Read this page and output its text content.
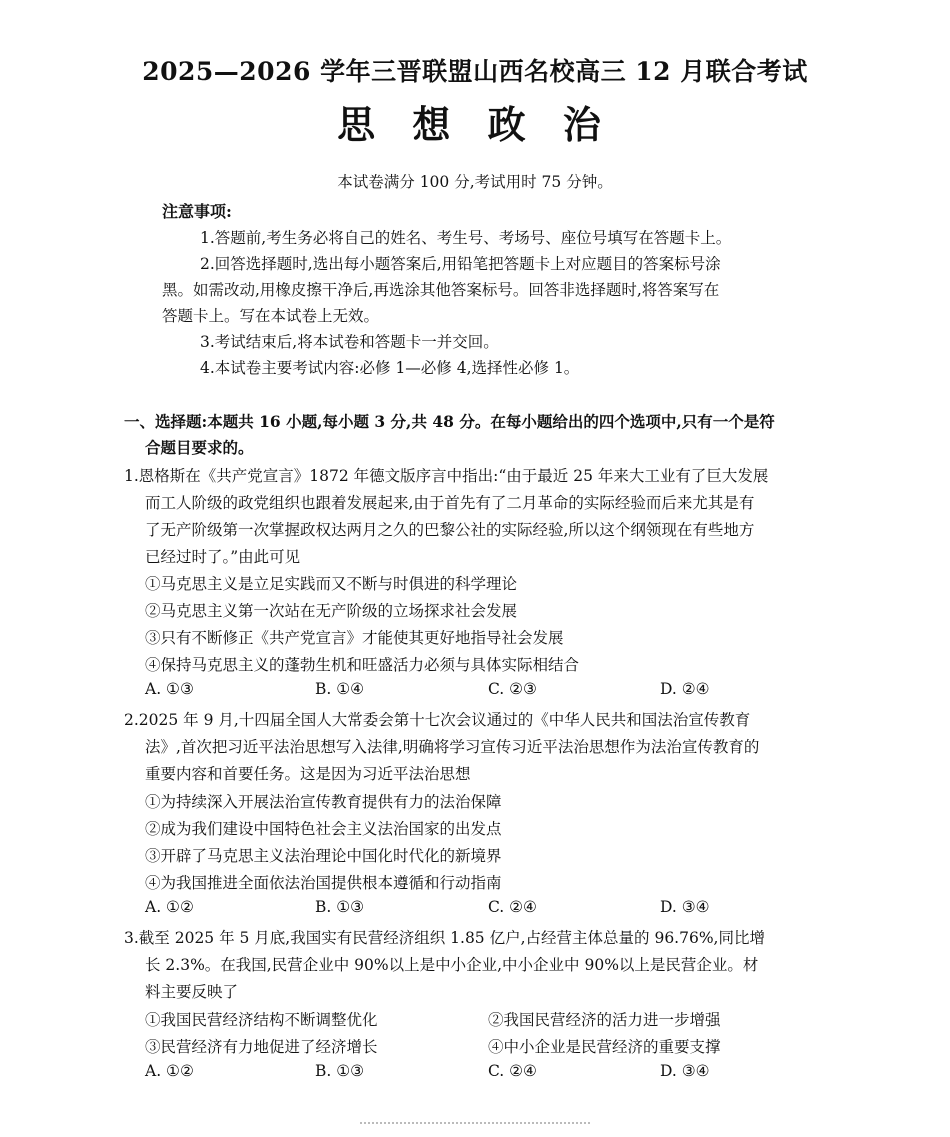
2025—2026 学年三晋联盟山西名校高三 12 月联合考试
思 想 政 治
本试卷满分 100 分,考试用时 75 分钟。
注意事项:
1.答题前,考生务必将自己的姓名、考生号、考场号、座位号填写在答题卡上。
2.回答选择题时,选出每小题答案后,用铅笔把答题卡上对应题目的答案标号涂
黑。如需改动,用橡皮擦干净后,再选涂其他答案标号。回答非选择题时,将答案写在
答题卡上。写在本试卷上无效。
3.考试结束后,将本试卷和答题卡一并交回。
4.本试卷主要考试内容:必修 1—必修 4,选择性必修 1。
一、选择题:本题共 16 小题,每小题 3 分,共 48 分。在每小题给出的四个选项中,只有一个是符
合题目要求的。
1.恩格斯在《共产党宣言》1872 年德文版序言中指出:“由于最近 25 年来大工业有了巨大发展
而工人阶级的政党组织也跟着发展起来,由于首先有了二月革命的实际经验而后来尤其是有
了无产阶级第一次掌握政权达两月之久的巴黎公社的实际经验,所以这个纲领现在有些地方
已经过时了。”由此可见
①马克思主义是立足实践而又不断与时俱进的科学理论
②马克思主义第一次站在无产阶级的立场探求社会发展
③只有不断修正《共产党宣言》才能使其更好地指导社会发展
④保持马克思主义的蓬勃生机和旺盛活力必须与具体实际相结合
A. ①③	B. ①④	C. ②③	D. ②④
2.2025 年 9 月,十四届全国人大常委会第十七次会议通过的《中华人民共和国法治宣传教育
法》,首次把习近平法治思想写入法律,明确将学习宣传习近平法治思想作为法治宣传教育的
重要内容和首要任务。这是因为习近平法治思想
①为持续深入开展法治宣传教育提供有力的法治保障
②成为我们建设中国特色社会主义法治国家的出发点
③开辟了马克思主义法治理论中国化时代化的新境界
④为我国推进全面依法治国提供根本遵循和行动指南
A. ①②	B. ①③	C. ②④	D. ③④
3.截至 2025 年 5 月底,我国实有民营经济组织 1.85 亿户,占经营主体总量的 96.76%,同比增
长 2.3%。在我国,民营企业中 90%以上是中小企业,中小企业中 90%以上是民营企业。材
料主要反映了
①我国民营经济结构不断调整优化	②我国民营经济的活力进一步增强
③民营经济有力地促进了经济增长	④中小企业是民营经济的重要支撑
A. ①②	B. ①③	C. ②④	D. ③④
